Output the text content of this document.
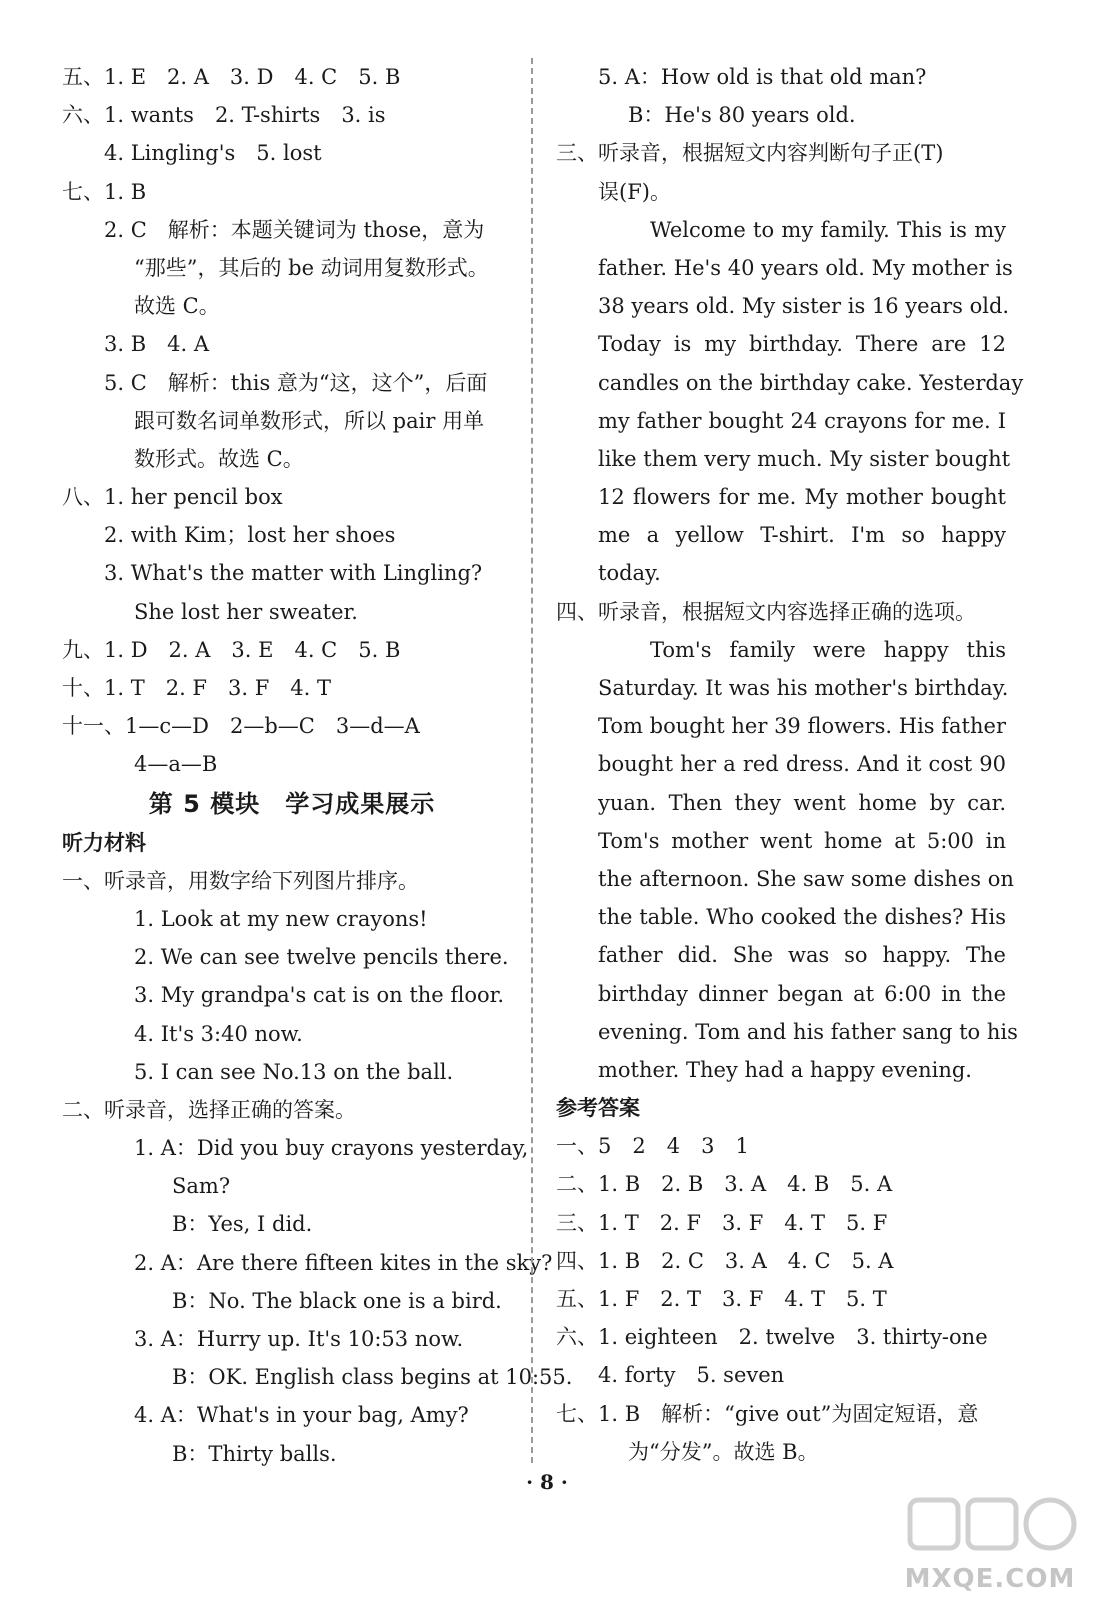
五、1. E　2. A　3. D　4. C　5. B
六、1. wants　2. T-shirts　3. is
4. Lingling's　5. lost
七、1. B
2. C　解析：本题关键词为 those，意为
“那些”，其后的 be 动词用复数形式。
故选 C。
3. B　4. A
5. C　解析：this 意为“这，这个”，后面
跟可数名词单数形式，所以 pair 用单
数形式。故选 C。
八、1. her pencil box
2. with Kim；lost her shoes
3. What's the matter with Lingling?
She lost her sweater.
九、1. D　2. A　3. E　4. C　5. B
十、1. T　2. F　3. F　4. T
十一、1—c—D　2—b—C　3—d—A
4—a—B
第 5 模块　学习成果展示
听力材料
一、听录音，用数字给下列图片排序。
1. Look at my new crayons!
2. We can see twelve pencils there.
3. My grandpa's cat is on the floor.
4. It's 3:40 now.
5. I can see No.13 on the ball.
二、听录音，选择正确的答案。
1. A：Did you buy crayons yesterday,
Sam?
B：Yes, I did.
2. A：Are there fifteen kites in the sky?
B：No. The black one is a bird.
3. A：Hurry up. It's 10:53 now.
B：OK. English class begins at 10:55.
4. A：What's in your bag, Amy?
B：Thirty balls.
5. A：How old is that old man?
B：He's 80 years old.
三、听录音，根据短文内容判断句子正(T)
误(F)。
Welcome to my family. This is my
father. He's 40 years old. My mother is
38 years old. My sister is 16 years old.
Today is my birthday. There are 12
candles on the birthday cake. Yesterday
my father bought 24 crayons for me. I
like them very much. My sister bought
12 flowers for me. My mother bought
me a yellow T-shirt. I'm so happy
today.
四、听录音，根据短文内容选择正确的选项。
Tom's family were happy this
Saturday. It was his mother's birthday.
Tom bought her 39 flowers. His father
bought her a red dress. And it cost 90
yuan. Then they went home by car.
Tom's mother went home at 5:00 in
the afternoon. She saw some dishes on
the table. Who cooked the dishes? His
father did. She was so happy. The
birthday dinner began at 6:00 in the
evening. Tom and his father sang to his
mother. They had a happy evening.
参考答案
一、5　2　4　3　1
二、1. B　2. B　3. A　4. B　5. A
三、1. T　2. F　3. F　4. T　5. F
四、1. B　2. C　3. A　4. C　5. A
五、1. F　2. T　3. F　4. T　5. T
六、1. eighteen　2. twelve　3. thirty-one
4. forty　5. seven
七、1. B　解析：“give out”为固定短语，意
为“分发”。故选 B。
· 8 ·
MXQE.COM
